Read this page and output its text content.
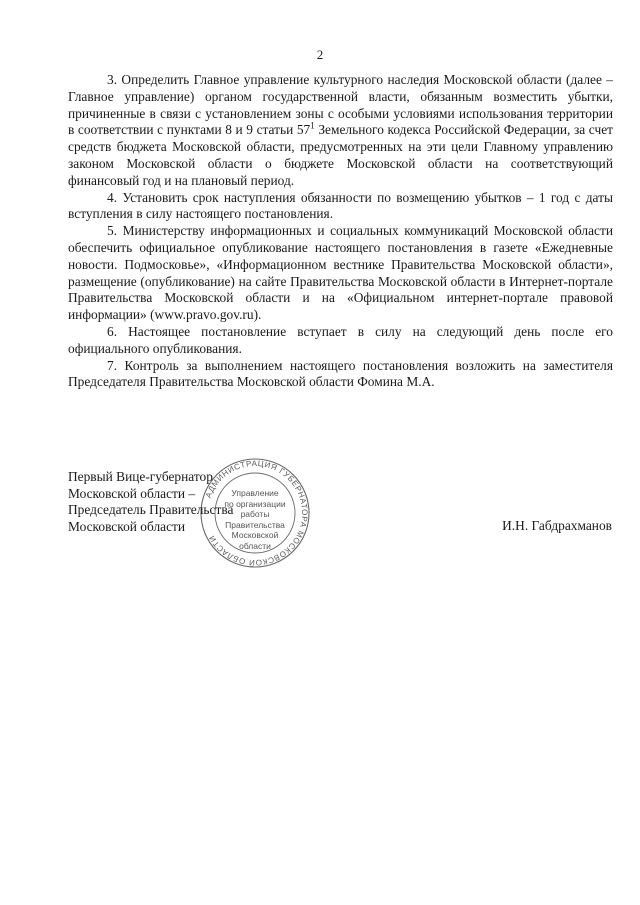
2

3. Определить Главное управление культурного наследия Московской области (далее – Главное управление) органом государственной власти, обязанным возместить убытки, причиненные в связи с установлением зоны с особыми условиями использования территории в соответствии с пунктами 8 и 9 статьи $57^1$ Земельного кодекса Российской Федерации, за счет средств бюджета Московской области, предусмотренных на эти цели Главному управлению законом Московской области о бюджете Московской области на соответствующий финансовый год и на плановый период.

4. Установить срок наступления обязанности по возмещению убытков – 1 год с даты вступления в силу настоящего постановления.

5. Министерству информационных и социальных коммуникаций Московской области обеспечить официальное опубликование настоящего постановления в газете «Ежедневные новости. Подмосковье», «Информационном вестнике Правительства Московской области», размещение (опубликование) на сайте Правительства Московской области в Интернет-портале Правительства Московской области и на «Официальном интернет-портале правовой информации» (www.pravo.gov.ru).

6. Настоящее постановление вступает в силу на следующий день после его официального опубликования.

7. Контроль за выполнением настоящего постановления возложить на заместителя Председателя Правительства Московской области Фомина М.А.

АДМИНИСТРАЦИЯ ГУБЕРНАТОРА МОСКОВСКОЙ ОБЛАСТИ
Управление
по организации
работы
Правительства
Московской
области
Первый Вице-губернатор
Московской области –
Председатель Правительства
Московской области	И.Н. Габдрахманов
